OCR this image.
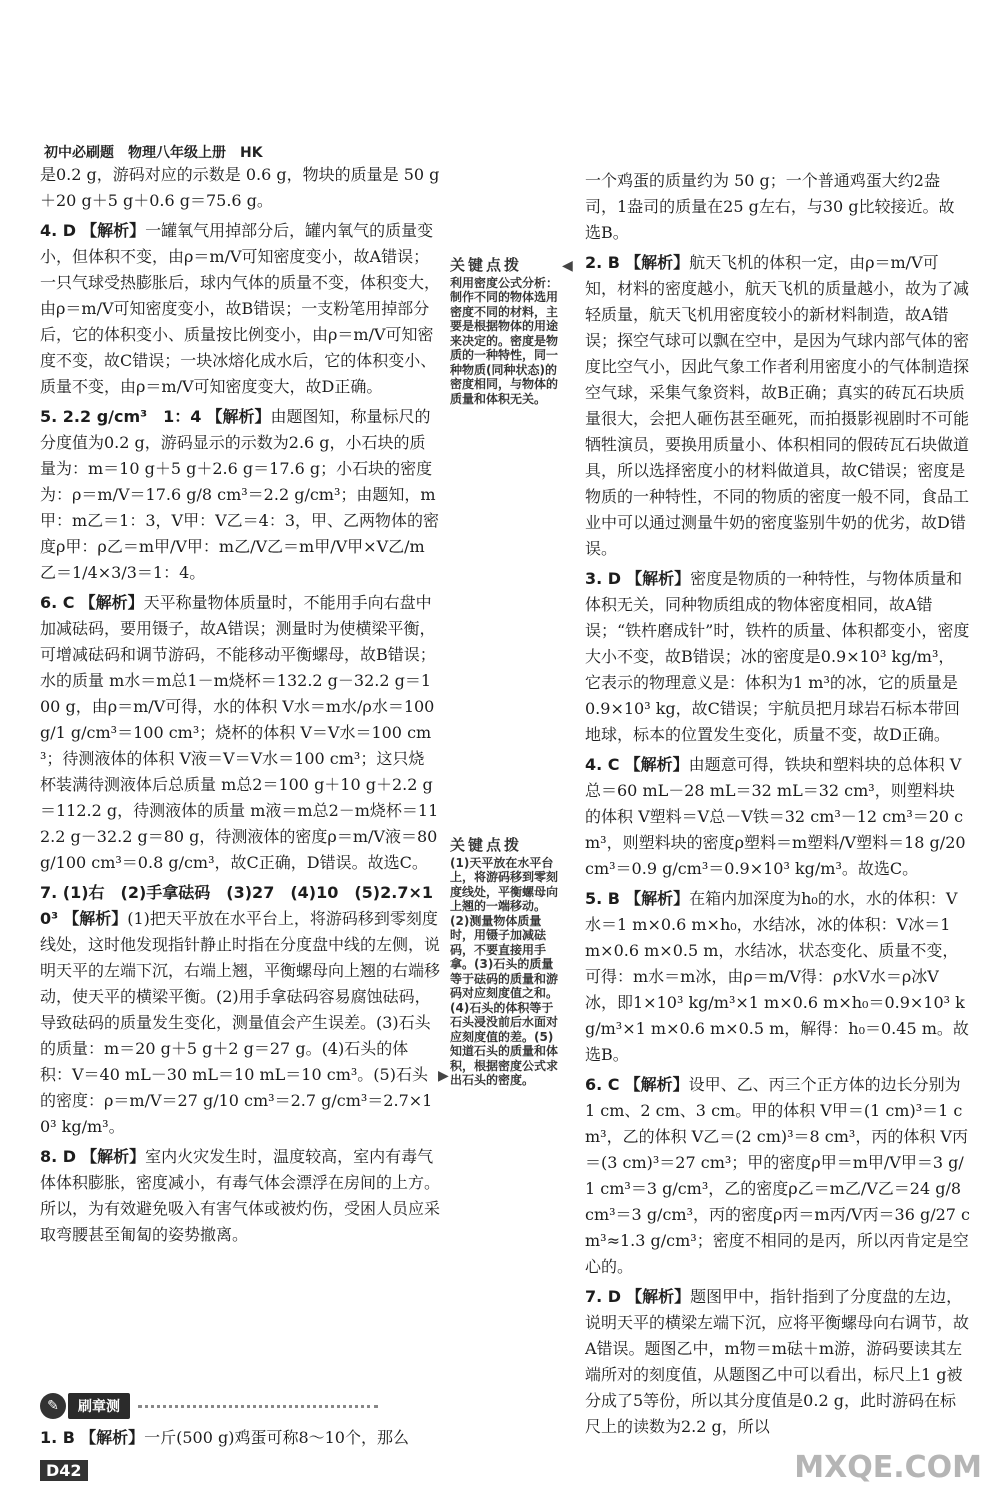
初中必刷题　物理八年级上册　HK

是0.2 g，游码对应的示数是 0.6 g，物块的质量是 50 g＋20 g＋5 g＋0.6 g＝75.6 g。

4. D 【解析】一罐氧气用掉部分后，罐内氧气的质量变小，但体积不变，由ρ＝m/V可知密度变小，故A错误；一只气球受热膨胀后，球内气体的质量不变，体积变大，由ρ＝m/V可知密度变小，故B错误；一支粉笔用掉部分后，它的体积变小、质量按比例变小，由ρ＝m/V可知密度不变，故C错误；一块冰熔化成水后，它的体积变小、质量不变，由ρ＝m/V可知密度变大，故D正确。

5. 2.2 g/cm³　1：4 【解析】由题图知，称量标尺的分度值为0.2 g，游码显示的示数为2.6 g，小石块的质量为：m＝10 g＋5 g＋2.6 g＝17.6 g；小石块的密度为：ρ＝m/V＝17.6 g/8 cm³＝2.2 g/cm³；由题知，m甲：m乙＝1：3，V甲：V乙＝4：3，甲、乙两物体的密度ρ甲：ρ乙＝m甲/V甲：m乙/V乙＝m甲/V甲×V乙/m乙＝1/4×3/3＝1：4。

6. C 【解析】天平称量物体质量时，不能用手向右盘中加减砝码，要用镊子，故A错误；测量时为使横梁平衡，可增减砝码和调节游码，不能移动平衡螺母，故B错误；水的质量 m水＝m总1－m烧杯＝132.2 g－32.2 g＝100 g，由ρ＝m/V可得，水的体积 V水＝m水/ρ水＝100 g/1 g/cm³＝100 cm³；烧杯的体积 V＝V水＝100 cm³；待测液体的体积 V液＝V＝V水＝100 cm³；这只烧杯装满待测液体后总质量 m总2＝100 g＋10 g＋2.2 g＝112.2 g，待测液体的质量 m液＝m总2－m烧杯＝112.2 g－32.2 g＝80 g，待测液体的密度ρ＝m/V液＝80 g/100 cm³＝0.8 g/cm³，故C正确，D错误。故选C。

7. (1)右　(2)手拿砝码　(3)27　(4)10　(5)2.7×10³ 【解析】(1)把天平放在水平台上，将游码移到零刻度线处，这时他发现指针静止时指在分度盘中线的左侧，说明天平的左端下沉，右端上翘，平衡螺母向上翘的右端移动，使天平的横梁平衡。(2)用手拿砝码容易腐蚀砝码，导致砝码的质量发生变化，测量值会产生误差。(3)石头的质量：m＝20 g＋5 g＋2 g＝27 g。(4)石头的体积：V＝40 mL－30 mL＝10 mL＝10 cm³。(5)石头的密度：ρ＝m/V＝27 g/10 cm³＝2.7 g/cm³＝2.7×10³ kg/m³。

8. D 【解析】室内火灾发生时，温度较高，室内有毒气体体积膨胀，密度减小，有毒气体会漂浮在房间的上方。所以，为有效避免吸入有害气体或被灼伤，受困人员应采取弯腰甚至匍匐的姿势撤离。

关键点拨
利用密度公式分析：制作不同的物体选用密度不同的材料，主要是根据物体的用途来决定的。密度是物质的一种特性，同一种物质(同种状态)的密度相同，与物体的质量和体积无关。
◀
关键点拨
(1)天平放在水平台上，将游码移到零刻度线处，平衡螺母向上翘的一端移动。(2)测量物体质量时，用镊子加减砝码，不要直接用手拿。(3)石头的质量等于砝码的质量和游码对应刻度值之和。(4)石头的体积等于石头浸没前后水面对应刻度值的差。(5)知道石头的质量和体积，根据密度公式求出石头的密度。
▶

一个鸡蛋的质量约为 50 g；一个普通鸡蛋大约2盎司，1盎司的质量在25 g左右，与30 g比较接近。故选B。

2. B 【解析】航天飞机的体积一定，由ρ＝m/V可知，材料的密度越小，航天飞机的质量越小，故为了减轻质量，航天飞机用密度较小的新材料制造，故A错误；探空气球可以飘在空中，是因为气球内部气体的密度比空气小，因此气象工作者利用密度小的气体制造探空气球，采集气象资料，故B正确；真实的砖瓦石块质量很大，会把人砸伤甚至砸死，而拍摄影视剧时不可能牺牲演员，要换用质量小、体积相同的假砖瓦石块做道具，所以选择密度小的材料做道具，故C错误；密度是物质的一种特性，不同的物质的密度一般不同，食品工业中可以通过测量牛奶的密度鉴别牛奶的优劣，故D错误。

3. D 【解析】密度是物质的一种特性，与物体质量和体积无关，同种物质组成的物体密度相同，故A错误；“铁杵磨成针”时，铁杵的质量、体积都变小，密度大小不变，故B错误；冰的密度是0.9×10³ kg/m³，它表示的物理意义是：体积为1 m³的冰，它的质量是0.9×10³ kg，故C错误；宇航员把月球岩石标本带回地球，标本的位置发生变化，质量不变，故D正确。

4. C 【解析】由题意可得，铁块和塑料块的总体积 V总＝60 mL－28 mL＝32 mL＝32 cm³，则塑料块的体积 V塑料＝V总－V铁＝32 cm³－12 cm³＝20 cm³，则塑料块的密度ρ塑料＝m塑料/V塑料＝18 g/20 cm³＝0.9 g/cm³＝0.9×10³ kg/m³。故选C。

5. B 【解析】在箱内加深度为h₀的水，水的体积：V水＝1 m×0.6 m×h₀，水结冰，冰的体积：V冰＝1 m×0.6 m×0.5 m，水结冰，状态变化、质量不变，可得：m水＝m冰，由ρ＝m/V得：ρ水V水＝ρ冰V冰，即1×10³ kg/m³×1 m×0.6 m×h₀＝0.9×10³ kg/m³×1 m×0.6 m×0.5 m，解得：h₀＝0.45 m。故选B。

6. C 【解析】设甲、乙、丙三个正方体的边长分别为1 cm、2 cm、3 cm。甲的体积 V甲＝(1 cm)³＝1 cm³，乙的体积 V乙＝(2 cm)³＝8 cm³，丙的体积 V丙＝(3 cm)³＝27 cm³；甲的密度ρ甲＝m甲/V甲＝3 g/1 cm³＝3 g/cm³，乙的密度ρ乙＝m乙/V乙＝24 g/8 cm³＝3 g/cm³，丙的密度ρ丙＝m丙/V丙＝36 g/27 cm³≈1.3 g/cm³；密度不相同的是丙，所以丙肯定是空心的。

7. D 【解析】题图甲中，指针指到了分度盘的左边，说明天平的横梁左端下沉，应将平衡螺母向右调节，故A错误。题图乙中，m物＝m砝＋m游，游码要读其左端所对的刻度值，从题图乙中可以看出，标尺上1 g被分成了5等份，所以其分度值是0.2 g，此时游码在标尺上的读数为2.2 g，所以

✎	刷章测
1. B 【解析】一斤(500 g)鸡蛋可称8～10个，那么
D42	MXQE.COM
